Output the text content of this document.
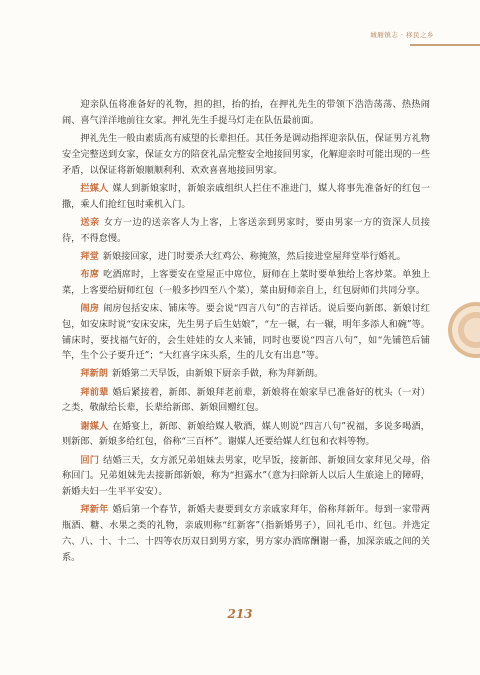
城厢镇志 · 移民之乡

迎亲队伍将准备好的礼物，担的担，抬的抬，在押礼先生的带领下浩浩荡荡、热热闹闹、喜气洋洋地前往女家。押礼先生手提马灯走在队伍最前面。

押礼先生一般由素质高有威望的长辈担任。其任务是调动指挥迎亲队伍，保证男方礼物安全完整送到女家，保证女方的陪奁礼品完整安全地接回男家，化解迎亲时可能出现的一些矛盾，以保证将新娘顺顺利利、欢欢喜喜地接回男家。

拦媒人 媒人到新娘家时，新娘亲戚组织人拦住不准进门，媒人将事先准备好的红包一撒，乘人们抢红包时乘机入门。

送亲 女方一边的送亲客人为上客，上客送亲到男家时，要由男家一方的资深人员接待，不得怠慢。

拜堂 新娘接回家，进门时要杀大红鸡公、称掩煞，然后接进堂屋拜堂举行婚礼。

布席 吃酒席时，上客要安在堂屋正中席位，厨师在上菜时要单独给上客炒菜。单独上菜，上客要给厨师红包（一般多抄四至八个菜），菜由厨师亲自上，红包厨师们共同分享。

闹房 闹房包括安床、铺床等。要会说“四言八句”的吉祥话。说后要向新郎、新娘讨红包，如安床时说“安床安床，先生男子后生姑娘”，“左一辗，右一辗，明年多添人和碗”等。铺床时，要找福气好的，会生娃娃的女人来铺，同时也要说“四言八句”，如“先铺笆后铺竿，生个公子要升迁”；“大红喜字床头系，生的儿女有出息”等。

拜新朗 新婚第二天早饭，由新娘下厨亲手做，称为拜新朗。

拜前辈 婚后紧接着，新郎、新娘拜老前辈，新娘将在娘家早已准备好的枕头（一对）之类，敬献给长辈，长辈给新郎、新娘回赠红包。

谢媒人 在婚宴上，新郎、新娘给媒人敬酒，媒人则说“四言八句”祝福，多说多喝酒，则新郎、新娘多给红包，俗称“三百杯”。谢媒人还要给媒人红包和衣料等物。

回门 结婚三天，女方派兄弟姐妹去男家，吃早饭，接新郎、新娘回女家拜见父母，俗称回门。兄弟姐妹先去接新郎新娘，称为“担露水”（意为扫除新人以后人生旅途上的障碍，新婚夫妇一生平平安安）。

拜新年 婚后第一个春节，新婚夫妻要到女方亲戚家拜年，俗称拜新年。每到一家带两瓶酒、糖、水果之类的礼物，亲戚则称“红新客”（指新婚男子），回礼毛巾、红包。并选定六、八、十、十二、十四等农历双日到男方家，男方家办酒席酬谢一番，加深亲戚之间的关系。

213
